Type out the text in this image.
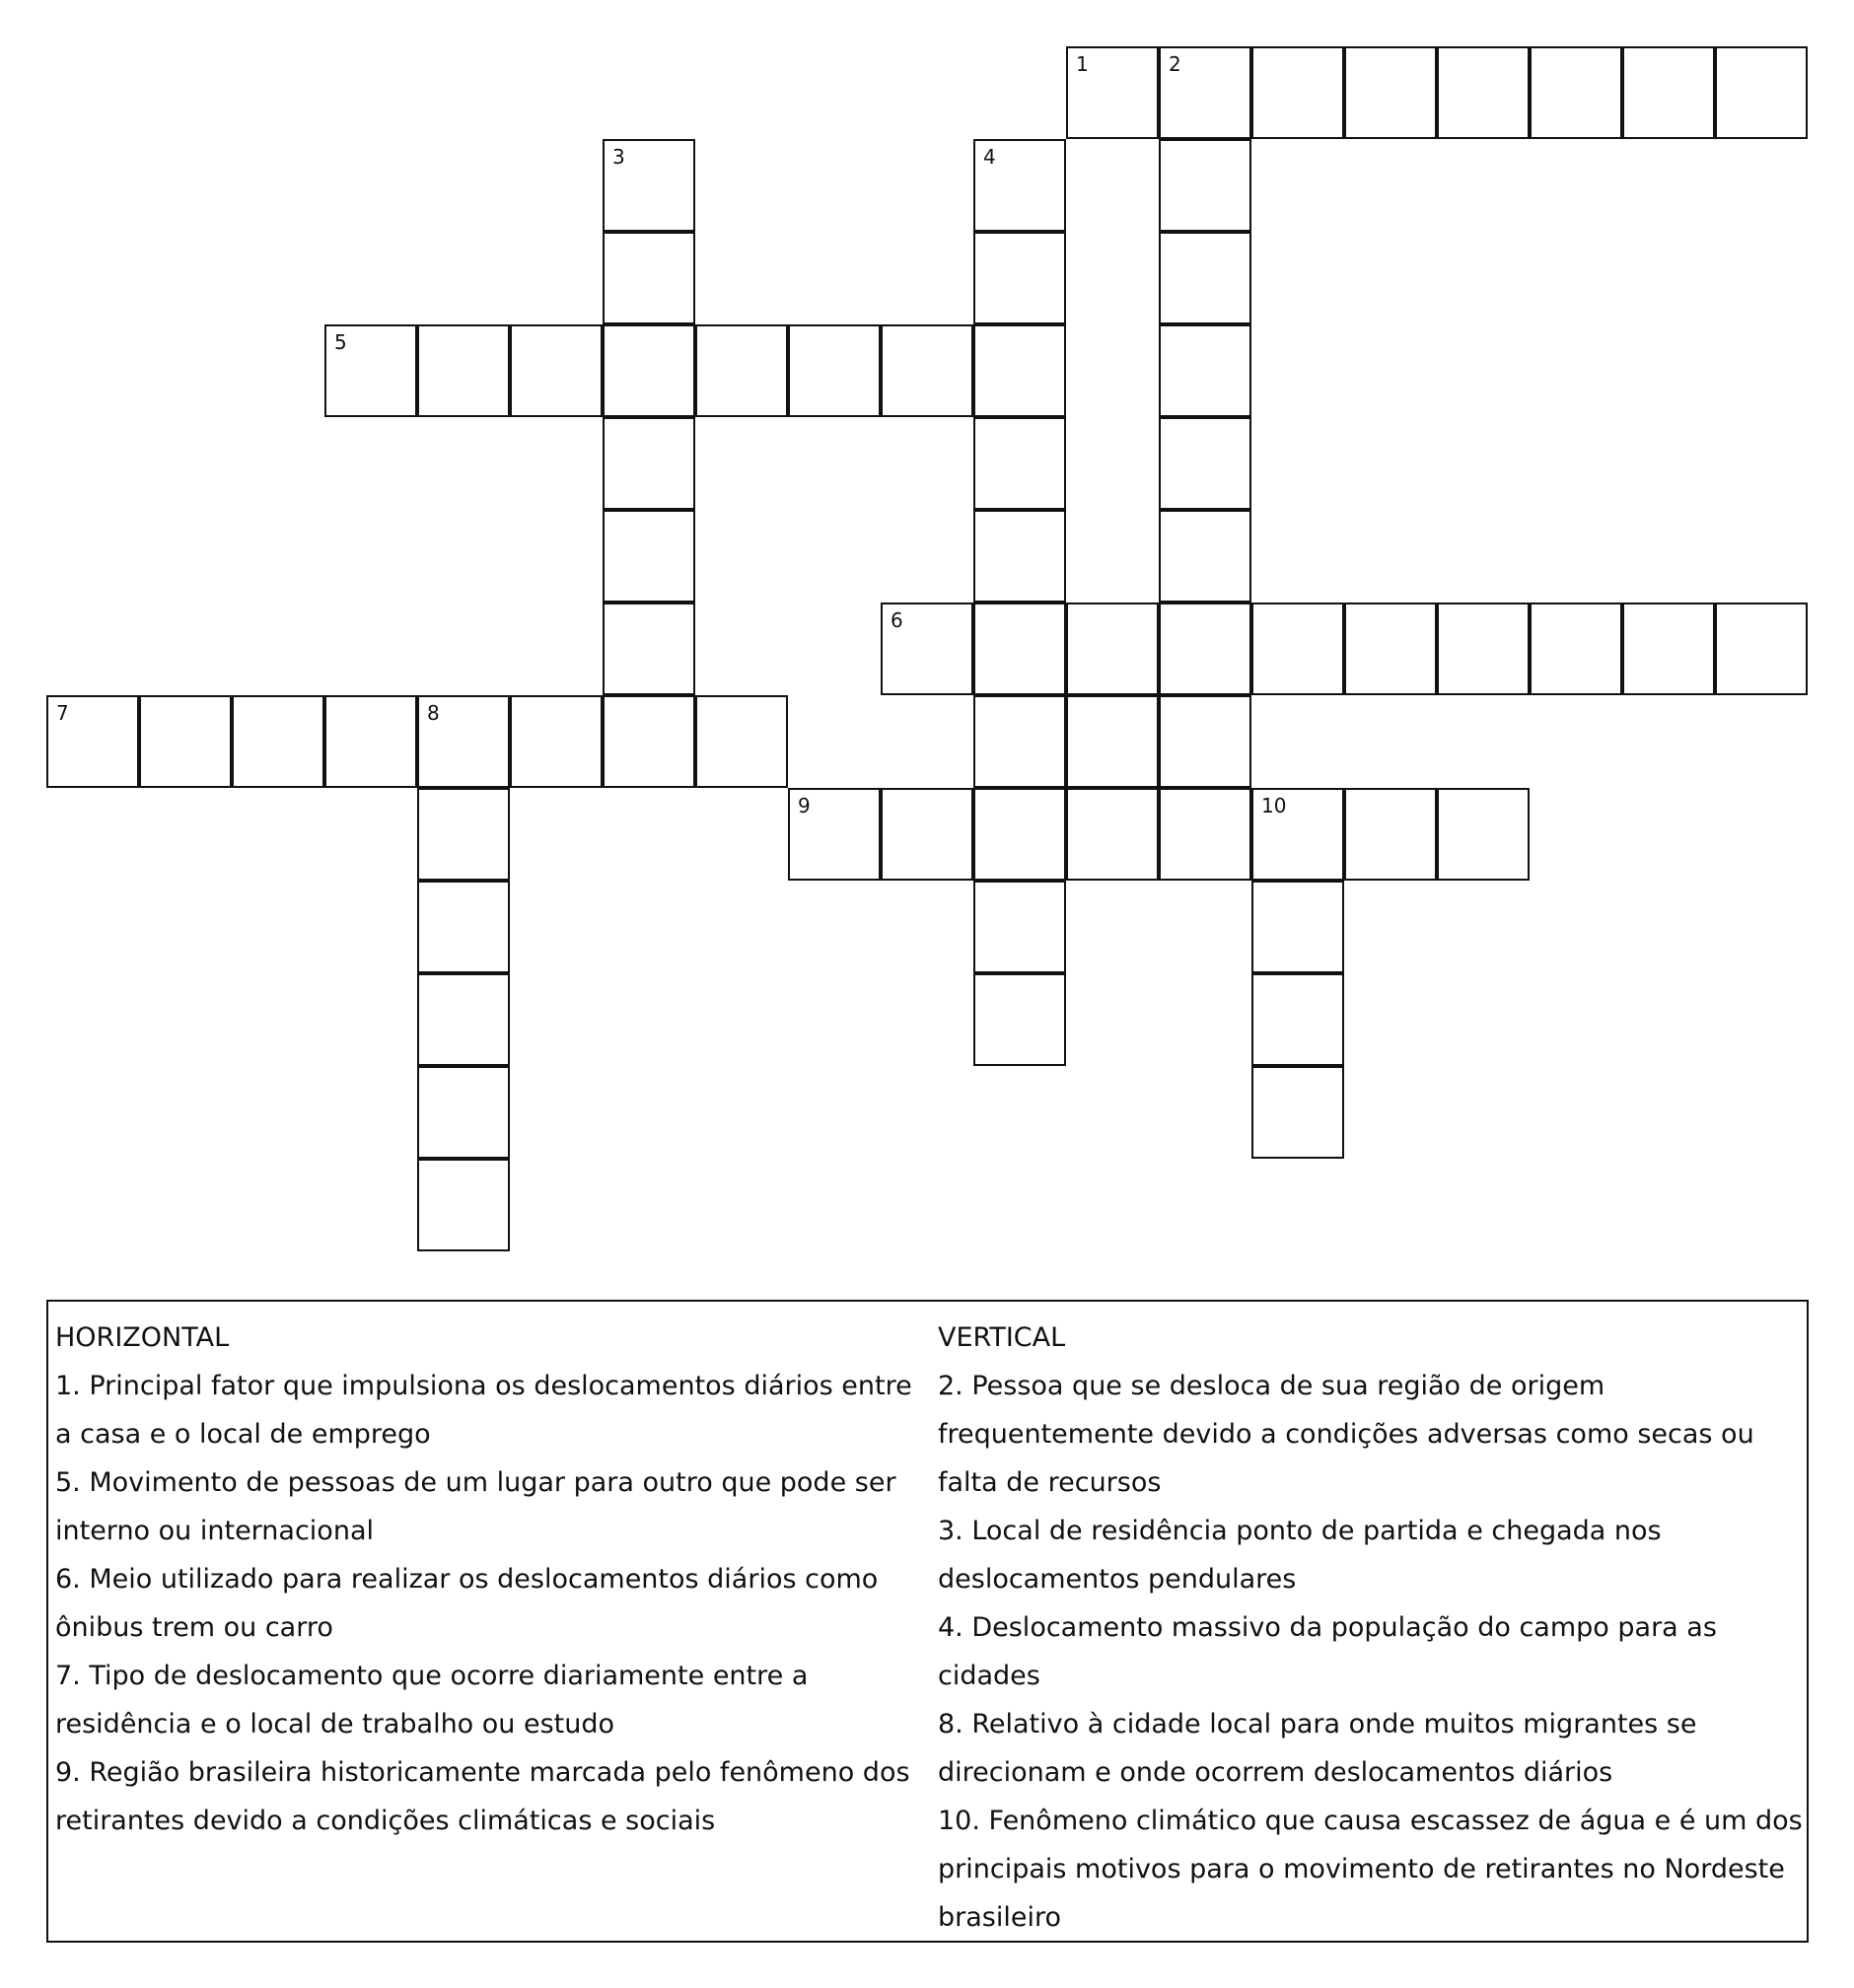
1	2
3	4
5
6
7	8
9	10
HORIZONTAL
1. Principal fator que impulsiona os deslocamentos diários entre a casa e o local de emprego
5. Movimento de pessoas de um lugar para outro que pode ser interno ou internacional
6. Meio utilizado para realizar os deslocamentos diários como ônibus trem ou carro
7. Tipo de deslocamento que ocorre diariamente entre a residência e o local de trabalho ou estudo
9. Região brasileira historicamente marcada pelo fenômeno dos retirantes devido a condições climáticas e sociais
VERTICAL
2. Pessoa que se desloca de sua região de origem frequentemente devido a condições adversas como secas ou falta de recursos
3. Local de residência ponto de partida e chegada nos deslocamentos pendulares
4. Deslocamento massivo da população do campo para as cidades
8. Relativo à cidade local para onde muitos migrantes se direcionam e onde ocorrem deslocamentos diários
10. Fenômeno climático que causa escassez de água e é um dos principais motivos para o movimento de retirantes no Nordeste brasileiro
